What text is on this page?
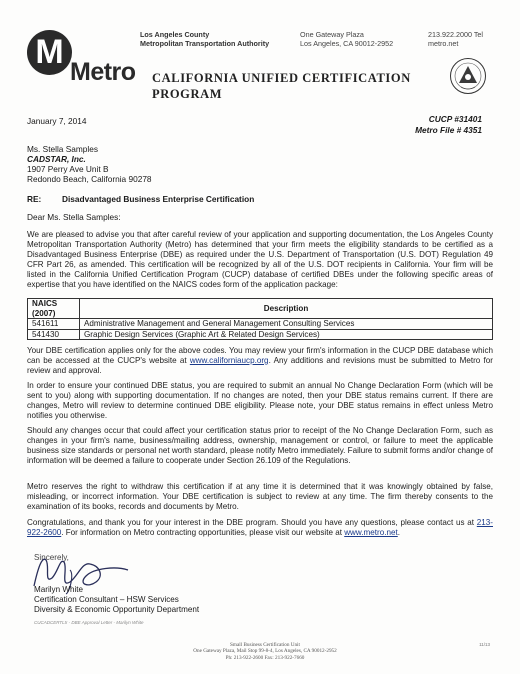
M
Metro
Los Angeles County
Metropolitan Transportation Authority
One Gateway Plaza
Los Angeles, CA 90012-2952
213.922.2000 Tel
metro.net
CALIFORNIA UNIFIED CERTIFICATION
PROGRAM
January 7, 2014	CUCP #31401
Metro File # 4351
Ms. Stella Samples
CADSTAR, Inc.
1907 Perry Ave Unit B
Redondo Beach, California 90278
RE: Disadvantaged Business Enterprise Certification
Dear Ms. Stella Samples:
We are pleased to advise you that after careful review of your application and supporting documentation, the Los Angeles County Metropolitan Transportation Authority (Metro) has determined that your firm meets the eligibility standards to be certified as a Disadvantaged Business Enterprise (DBE) as required under the U.S. Department of Transportation (U.S. DOT) Regulation 49 CFR Part 26, as amended. This certification will be recognized by all of the U.S. DOT recipients in California. Your firm will be listed in the California Unified Certification Program (CUCP) database of certified DBEs under the following specific areas of expertise that you have identified on the NAICS codes form of the application package:
NAICS (2007)	Description
541611	Administrative Management and General Management Consulting Services
541430	Graphic Design Services (Graphic Art & Related Design Services)
Your DBE certification applies only for the above codes. You may review your firm's information in the CUCP DBE database which can be accessed at the CUCP's website at www.californiaucp.org. Any additions and revisions must be submitted to Metro for review and approval.
In order to ensure your continued DBE status, you are required to submit an annual No Change Declaration Form (which will be sent to you) along with supporting documentation. If no changes are noted, then your DBE status remains current. If there are changes, Metro will review to determine continued DBE eligibility. Please note, your DBE status remains in effect unless Metro notifies you otherwise.
Should any changes occur that could affect your certification status prior to receipt of the No Change Declaration Form, such as changes in your firm's name, business/mailing address, ownership, management or control, or failure to meet the applicable business size standards or personal net worth standard, please notify Metro immediately. Failure to submit forms and/or change of information will be deemed a failure to cooperate under Section 26.109 of the Regulations.
Metro reserves the right to withdraw this certification if at any time it is determined that it was knowingly obtained by false, misleading, or incorrect information. Your DBE certification is subject to review at any time. The firm thereby consents to the examination of its books, records and documents by Metro.
Congratulations, and thank you for your interest in the DBE program. Should you have any questions, please contact us at 213-922-2600. For information on Metro contracting opportunities, please visit our website at www.metro.net.
Sincerely,
Marilyn White
Certification Consultant – HSW Services
Diversity & Economic Opportunity Department
CUCADCERTLtr - DBE Approval Letter - Marilyn White
Small Business Certification Unit
One Gateway Plaza, Mail Stop 99-8-4, Los Angeles, CA 90012-2952
Ph: 213-922-2600 Fax: 213-922-7660
11/13
